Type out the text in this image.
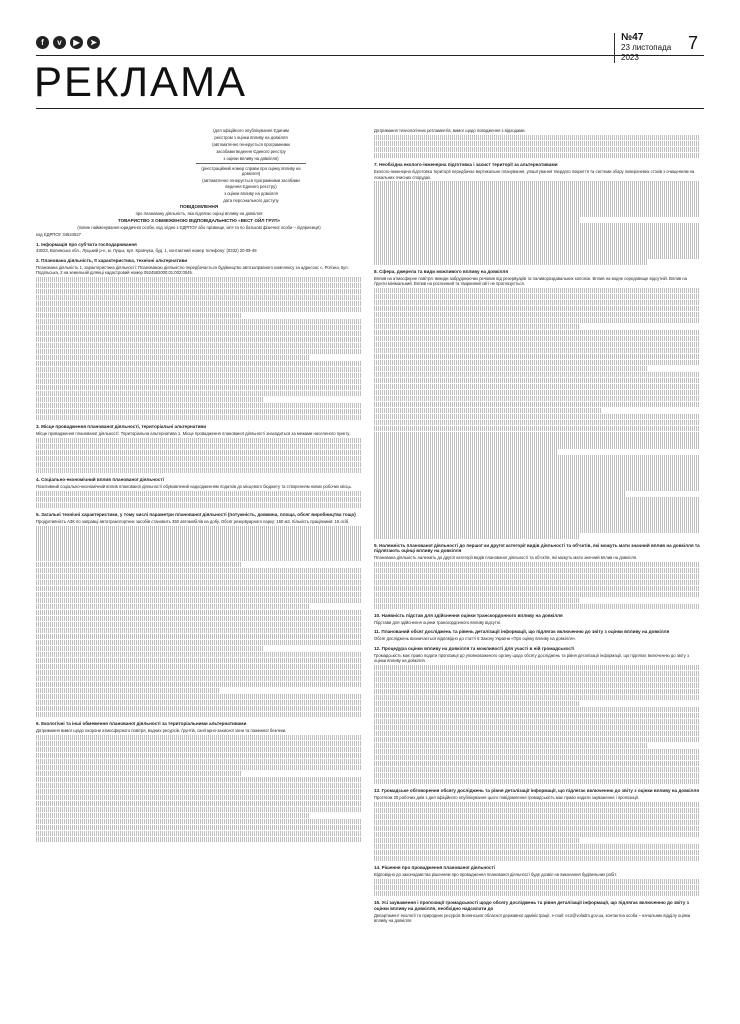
f	v	▶	➤
РЕКЛАМА
№47
23 листопада 2023
7

(для офіційного опублікування Єдиним

реєстром з оцінки впливу на довкілля

(автоматично генерується програмними

засобами ведення Єдиного реєстру

з оцінки впливу на довкілля)

(реєстраційний номер справи про оцінку впливу на довкілля)

(автоматично генерується програмними засобами ведення Єдиного реєстру)

з оцінки впливу на довкілля

дата персонального доступу

ПОВІДОМЛЕННЯ

про плановану діяльність, яка підлягає оцінці впливу на довкілля

ТОВАРИСТВО З ОБМЕЖЕНОЮ ВІДПОВІДАЛЬНІСТЮ «ВЕСТ ОЙЛ ГРУП»

(повне найменування юридичної особи, код згідно з ЄДРПОУ або прізвище, ім’я та по батькові фізичної особи – підприємця)

код ЄДРПОУ 34624527

1. Інформація про суб’єкта господарювання

43023, Волинська обл., Луцький р-н, м. Луцьк, вул. Кравчука, буд. 1, контактний номер телефону: (0332) 20-09-48

2. Планована діяльність, її характеристика, технічні альтернативи

Планована діяльність 1, характеристика діяльності: Планованою діяльністю передбачається будівництво автозаправного комплексу за адресою: с. Рогізна, вул. Подільська, 2 на земельній ділянці кадастровий номер 0524582000:01:002:0045.

3. Місце провадження планованої діяльності, територіальні альтернативи

Місце провадження планованої діяльності: Територіальна альтернатива 1. Місце провадження планованої діяльності знаходиться за межами населеного пункту.

4. Соціально-економічний вплив планованої діяльності

Позитивний соціально-економічний вплив планованої діяльності обумовлений надходженням податків до місцевого бюджету та створенням нових робочих місць.

5. Загальні технічні характеристики, у тому числі параметри планованої діяльності (потужність, довжина, площа, обсяг виробництва тощо)

Продуктивність АЗК по заправці автотранспортних засобів становить 350 автомобілів на добу. Обсяг резервуарного парку: 150 м3. Кількість працівників: 15 осіб.

6. Екологічні та інші обмеження планованої діяльності за територіальними альтернативами

Дотримання вимог щодо охорони атмосферного повітря, водних ресурсів, ґрунтів, санітарно-захисної зони та пожежної безпеки.

Дотримання технологічних регламентів, вимог щодо поводження з відходами.

7. Необхідна еколого-інженерна підготовка і захист території за альтернативами

Еколого-інженерна підготовка території передбачає вертикальне планування, улаштування твердого покриття та системи збору поверхневих стоків з очищенням на локальних очисних спорудах.

8. Сфера, джерела та види можливого впливу на довкілля

Вплив на атмосферне повітря: викиди забруднюючих речовин від резервуарів та паливороздавальних колонок. Вплив на водне середовище відсутній. Вплив на ґрунти мінімальний. Вплив на рослинний та тваринний світ не прогнозується.

9. Належність планованої діяльності до першої чи другої категорії видів діяльності та об’єктів, які можуть мати значний вплив на довкілля та підлягають оцінці впливу на довкілля

Планована діяльність належить до другої категорії видів планованої діяльності та об’єктів, які можуть мати значний вплив на довкілля.

10. Наявність підстав для здійснення оцінки транскордонного впливу на довкілля

Підстави для здійснення оцінки транскордонного впливу відсутні.

11. Планований обсяг досліджень та рівень деталізації інформації, що підлягає включенню до звіту з оцінки впливу на довкілля

Обсяг досліджень визначається відповідно до статті 6 Закону України «Про оцінку впливу на довкілля».

12. Процедура оцінки впливу на довкілля та можливості для участі в ній громадськості

Громадськість має право подати пропозиції до уповноваженого органу щодо обсягу досліджень та рівня деталізації інформації, що підлягає включенню до звіту з оцінки впливу на довкілля.

13. Громадське обговорення обсягу досліджень та рівня деталізації інформації, що підлягає включенню до звіту з оцінки впливу на довкілля

Протягом 20 робочих днів з дня офіційного опублікування цього повідомлення громадськість має право надати зауваження і пропозиції.

14. Рішення про провадження планованої діяльності

Відповідно до законодавства рішенням про провадження планованої діяльності буде дозвіл на виконання будівельних робіт.

15. Усі зауваження і пропозиції громадськості щодо обсягу досліджень та рівня деталізації інформації, що підлягає включенню до звіту з оцінки впливу на довкілля, необхідно надсилати до

Департамент екології та природних ресурсів Волинської обласної державної адміністрації, e-mail: eco@voladm.gov.ua, контактна особа – начальник відділу оцінки впливу на довкілля
